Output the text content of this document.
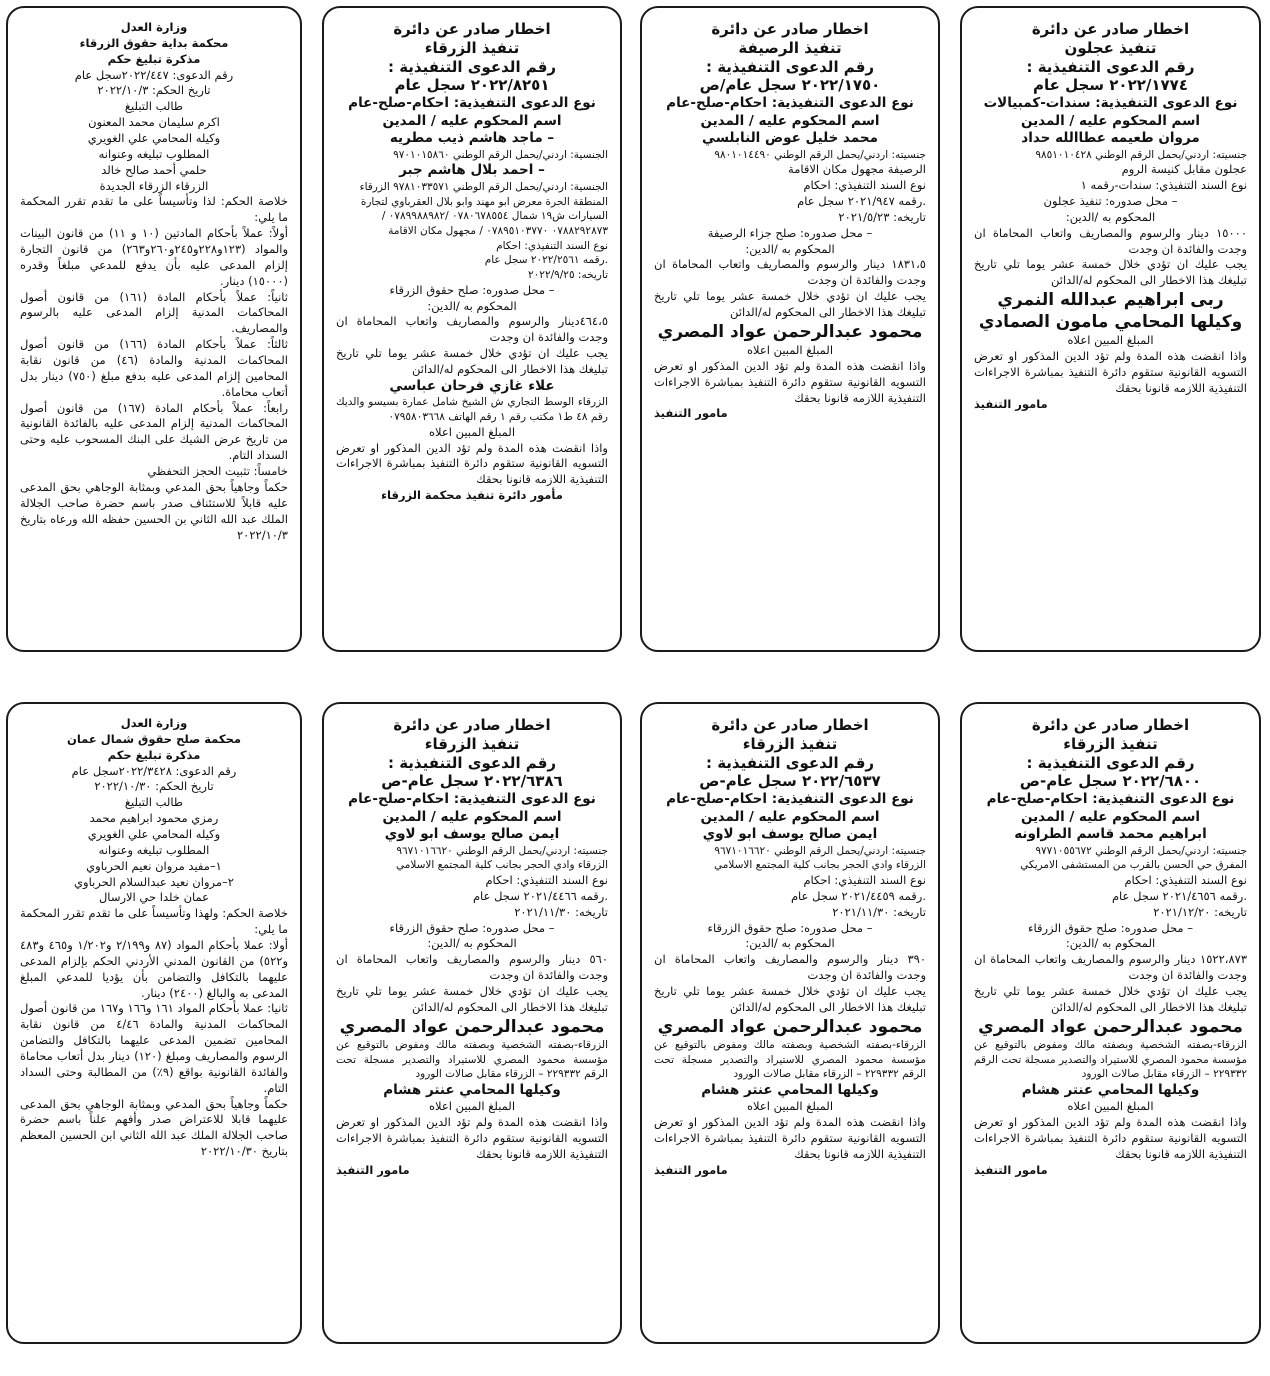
اخطار صادر عن دائرة

تنفيذ عجلون

رقم الدعوى التنفيذية :

٢٠٢٢/١٧٧٤ سجل عام

نوع الدعوى التنفيذية: سندات-كمبيالات

اسم المحكوم عليه / المدين

مروان طعيمه عطاالله حداد

جنسيته: اردني/يحمل الرقم الوطني ٩٨٥١٠١٠٤٢٨

عجلون مقابل كنيسة الروم

نوع السند التنفيذي: سندات-رقمه ١

– محل صدوره: تنفيذ عجلون

المحكوم به /الدين:

١٥٠٠٠ دينار والرسوم والمصاريف واتعاب المحاماة ان وجدت والفائدة ان وجدت

يجب عليك ان تؤدي خلال خمسة عشر يوما تلي تاريخ تبليغك هذا الاخطار الى المحكوم له/الدائن

ربى ابراهيم عبدالله النمري

وكيلها المحامي مامون الصمادي

المبلغ المبين اعلاه

واذا انقضت هذه المدة ولم تؤد الدين المذكور او تعرض التسويه القانونية ستقوم دائرة التنفيذ بمباشرة الاجراءات التنفيذية اللازمه قانونا بحقك

مامور التنفيذ

اخطار صادر عن دائرة

تنفيذ الرصيفة

رقم الدعوى التنفيذية :

٢٠٢٢/١٧٥٠ سجل عام/ص

نوع الدعوى التنفيذية: احكام-صلح-عام

اسم المحكوم عليه / المدين

محمد خليل عوض النابلسي

جنسيته: اردني/يحمل الرقم الوطني ٩٨٠١٠١٤٤٩٠

الرصيفة مجهول مكان الاقامة

نوع السند التنفيذي: احكام

.رقمه ٢٠٢١/٩٤٧ سجل عام

تاريخه: ٢٠٢١/٥/٢٣

– محل صدوره: صلح جزاء الرصيفة

المحكوم به /الدين:

١٨٣١،٥ دينار والرسوم والمصاريف واتعاب المحاماة ان وجدت والفائدة ان وجدت

يجب عليك ان تؤدي خلال خمسة عشر يوما تلي تاريخ تبليغك هذا الاخطار الى المحكوم له/الدائن

محمود عبدالرحمن عواد المصري

المبلغ المبين اعلاه

واذا انقضت هذه المدة ولم تؤد الدين المذكور او تعرض التسويه القانونية ستقوم دائرة التنفيذ بمباشرة الاجراءات التنفيذية اللازمه قانونا بحقك

مامور التنفيذ

اخطار صادر عن دائرة

تنفيذ الزرقاء

رقم الدعوى التنفيذية :

٢٠٢٢/٨٢٥١ سجل عام

نوع الدعوى التنفيذية: احكام-صلح-عام

اسم المحكوم عليه / المدين

– ماجد هاشم ذيب مطريه

الجنسية: اردني/يحمل الرقم الوطني ٩٧٠١٠١٥٨٦٠

– احمد بلال هاشم جبر

الجنسية: اردني/يحمل الرقم الوطني ٩٧٨١٠٣٣٥٧١ الزرقاء المنطقة الحرة معرض ابو مهند وابو بلال العقرباوي لتجارة السيارات ش١٩ شمال ٠٧٨٠٦٧٨٥٥٤ /٠٧٨٩٩٨٨٩٨٢ /٠٧٨٨٢٩٢٨٧٣ ٠٧٨٩٥١٠٣٧٧٠ / مجهول مكان الاقامة

نوع السند التنفيذي: احكام

.رقمه ٢٠٢٢/٢٥٦١ سجل عام

تاريخه: ٢٠٢٢/٩/٢٥

– محل صدوره: صلح حقوق الزرقاء

المحكوم به /الدين:

٤٦٤،٥دينار والرسوم والمصاريف واتعاب المحاماة ان وجدت والفائدة ان وجدت

يجب عليك ان تؤدي خلال خمسة عشر يوما تلي تاريخ تبليغك هذا الاخطار الى المحكوم له/الدائن

علاء غازي فرحان عباسي

الزرقاء الوسط التجاري ش الشيخ شامل عمارة بسيسو والديك رقم ٤٨ ط١ مكتب رقم ١ رقم الهاتف ٠٧٩٥٨٠٣٦٦٨

المبلغ المبين اعلاه

واذا انقضت هذه المدة ولم تؤد الدين المذكور او تعرض التسويه القانونية ستقوم دائرة التنفيذ بمباشرة الاجراءات التنفيذية اللازمه قانونا بحقك

مأمور دائرة تنفيذ محكمة الزرقاء

وزارة العدل

محكمة بداية حقوق الزرقاء

مذكرة تبليغ حكم

رقم الدعوى: ٢٠٢٢/٤٤٧سجل عام

تاريخ الحكم: ٢٠٢٢/١٠/٣

طالب التبليغ

اكرم سليمان محمد المعنون

وكيله المحامي علي الغويري

المطلوب تبليغه وعنوانه

حلمي أحمد صالح خالد

الزرقاء الزرقاء الجديدة

خلاصة الحكم: لذا وتأسيساً على ما تقدم تقرر المحكمة ما يلي:

أولاً: عملاً بأحكام المادتين (١٠ و ١١) من قانون البينات والمواد (١٢٣و٢٢٨و٢٤٥و٢٦٠و٢٦٣) من قانون التجارة إلزام المدعى عليه بأن يدفع للمدعي مبلغاً وقدره (١٥٠٠٠) دينار.

ثانياً: عملاً بأحكام المادة (١٦١) من قانون أصول المحاكمات المدنية إلزام المدعى عليه بالرسوم والمصاريف.

ثالثاً: عملاً بأحكام المادة (١٦٦) من قانون أصول المحاكمات المدنية والمادة (٤٦) من قانون نقابة المحامين إلزام المدعى عليه بدفع مبلغ (٧٥٠) دينار بدل أتعاب محاماة.

رابعاً: عملاً بأحكام المادة (١٦٧) من قانون أصول المحاكمات المدنية إلزام المدعى عليه بالفائدة القانونية من تاريخ عرض الشيك على البنك المسحوب عليه وحتى السداد التام.

خامساً: تثبيت الحجز التحفظي

حكماً وجاهياً بحق المدعي وبمثابة الوجاهي بحق المدعى عليه قابلاً للاستئناف صدر باسم حضرة صاحب الجلالة الملك عبد الله الثاني بن الحسين حفظه الله ورعاه بتاريخ ٢٠٢٢/١٠/٣

اخطار صادر عن دائرة

تنفيذ الزرقاء

رقم الدعوى التنفيذية :

٢٠٢٢/٦٨٠٠ سجل عام-ص

نوع الدعوى التنفيذية: احكام-صلح-عام

اسم المحكوم عليه / المدين

ابراهيم محمد قاسم الطراونه

جنسيته: اردني/يحمل الرقم الوطني ٩٧٧١٠٥٥٦٧٢

المفرق حي الحسن بالقرب من المستشفى الامريكي

نوع السند التنفيذي: احكام

.رقمه ٢٠٢١/٤٦٥٦ سجل عام

تاريخه: ٢٠٢١/١٢/٢٠

– محل صدوره: صلح حقوق الزرقاء

المحكوم به /الدين:

١٥٢٢،٨٧٣ دينار والرسوم والمصاريف واتعاب المحاماة ان وجدت والفائدة ان وجدت

يجب عليك ان تؤدي خلال خمسة عشر يوما تلي تاريخ تبليغك هذا الاخطار الى المحكوم له/الدائن

محمود عبدالرحمن عواد المصري

الزرقاء-بصفته الشخصية وبصفته مالك ومفوض بالتوقيع عن مؤسسة محمود المصري للاستيراد والتصدير مسجلة تحت الرقم ٢٢٩٣٣٢ – الزرقاء مقابل صالات الورود

وكيلها المحامي عنتر هشام

المبلغ المبين اعلاه

واذا انقضت هذه المدة ولم تؤد الدين المذكور او تعرض التسويه القانونية ستقوم دائرة التنفيذ بمباشرة الاجراءات التنفيذية اللازمه قانونا بحقك

مامور التنفيذ

اخطار صادر عن دائرة

تنفيذ الزرقاء

رقم الدعوى التنفيذية :

٢٠٢٢/٦٥٣٧ سجل عام-ص

نوع الدعوى التنفيذية: احكام-صلح-عام

اسم المحكوم عليه / المدين

ايمن صالح يوسف ابو لاوي

جنسيته: اردني/يحمل الرقم الوطني ٩٦٧١٠١٦٦٢٠

الزرقاء وادي الحجر بجانب كلية المجتمع الاسلامي

نوع السند التنفيذي: احكام

.رقمه ٢٠٢١/٤٤٥٩ سجل عام

تاريخه: ٢٠٢١/١١/٣٠

– محل صدوره: صلح حقوق الزرقاء

المحكوم به /الدين:

٣٩٠ دينار والرسوم والمصاريف واتعاب المحاماة ان وجدت والفائدة ان وجدت

يجب عليك ان تؤدي خلال خمسة عشر يوما تلي تاريخ تبليغك هذا الاخطار الى المحكوم له/الدائن

محمود عبدالرحمن عواد المصري

الزرقاء-بصفته الشخصية وبصفته مالك ومفوض بالتوقيع عن مؤسسة محمود المصري للاستيراد والتصدير مسجلة تحت الرقم ٢٢٩٣٣٢ – الزرقاء مقابل صالات الورود

وكيلها المحامي عنتر هشام

المبلغ المبين اعلاه

واذا انقضت هذه المدة ولم تؤد الدين المذكور او تعرض التسويه القانونية ستقوم دائرة التنفيذ بمباشرة الاجراءات التنفيذية اللازمه قانونا بحقك

مامور التنفيذ

اخطار صادر عن دائرة

تنفيذ الزرقاء

رقم الدعوى التنفيذية :

٢٠٢٢/٦٣٨٦ سجل عام-ص

نوع الدعوى التنفيذية: احكام-صلح-عام

اسم المحكوم عليه / المدين

ايمن صالح يوسف ابو لاوي

جنسيته: اردني/يحمل الرقم الوطني ٩٦٧١٠١٦٦٢٠

الزرقاء وادي الحجر بجانب كلية المجتمع الاسلامي

نوع السند التنفيذي: احكام

.رقمه ٢٠٢١/٤٤٦٦ سجل عام

تاريخه: ٢٠٢١/١١/٣٠

– محل صدوره: صلح حقوق الزرقاء

المحكوم به /الدين:

٥٦٠ دينار والرسوم والمصاريف واتعاب المحاماة ان وجدت والفائدة ان وجدت

يجب عليك ان تؤدي خلال خمسة عشر يوما تلي تاريخ تبليغك هذا الاخطار الى المحكوم له/الدائن

محمود عبدالرحمن عواد المصري

الزرقاء-بصفته الشخصية وبصفته مالك ومفوض بالتوقيع عن مؤسسة محمود المصري للاستيراد والتصدير مسجلة تحت الرقم ٢٢٩٣٣٢ – الزرقاء مقابل صالات الورود

وكيلها المحامي عنتر هشام

المبلغ المبين اعلاه

واذا انقضت هذه المدة ولم تؤد الدين المذكور او تعرض التسويه القانونية ستقوم دائرة التنفيذ بمباشرة الاجراءات التنفيذية اللازمه قانونا بحقك

مامور التنفيذ

وزارة العدل

محكمة صلح حقوق شمال عمان

مذكرة تبليغ حكم

رقم الدعوى: ٢٠٢٢/٣٤٢٨سجل عام

تاريخ الحكم: ٢٠٢٢/١٠/٣٠

طالب التبليغ

رمزي محمود ابراهيم محمد

وكيله المحامي علي الغويري

المطلوب تبليغه وعنوانه

١–مفيد مروان نعيم الحرباوي

٢–مروان نعيد عبدالسلام الحرباوي

عمان خلدا حي الارسال

خلاصة الحكم: ولهذا وتأسيساً على ما تقدم تقرر المحكمة ما يلي:

أولا: عملا بأحكام المواد (٨٧ و٢/١٩٩ و١/٢٠٢ و٤٦٥ و٤٨٣ و٥٢٢) من القانون المدني الأردني الحكم بإلزام المدعى عليهما بالتكافل والتضامن بأن يؤديا للمدعي المبلغ المدعى به والبالغ (٢٤٠٠) دينار.

ثانيا: عملا بأحكام المواد ١٦١ و١٦٦ و١٦٧ من قانون أصول المحاكمات المدنية والمادة ٤/٤٦ من قانون نقابة المحامين تضمين المدعى عليهما بالتكافل والتضامن الرسوم والمصاريف ومبلغ (١٢٠) دينار بدل أتعاب محاماة والفائدة القانونية بواقع (٩٪) من المطالبة وحتى السداد التام.

حكماً وجاهياً بحق المدعي وبمثابة الوجاهي بحق المدعى عليهما قابلا للاعتراض صدر وأفهم علناً باسم حضرة صاحب الجلالة الملك عبد الله الثاني ابن الحسين المعظم بتاريخ ٢٠٢٢/١٠/٣٠
